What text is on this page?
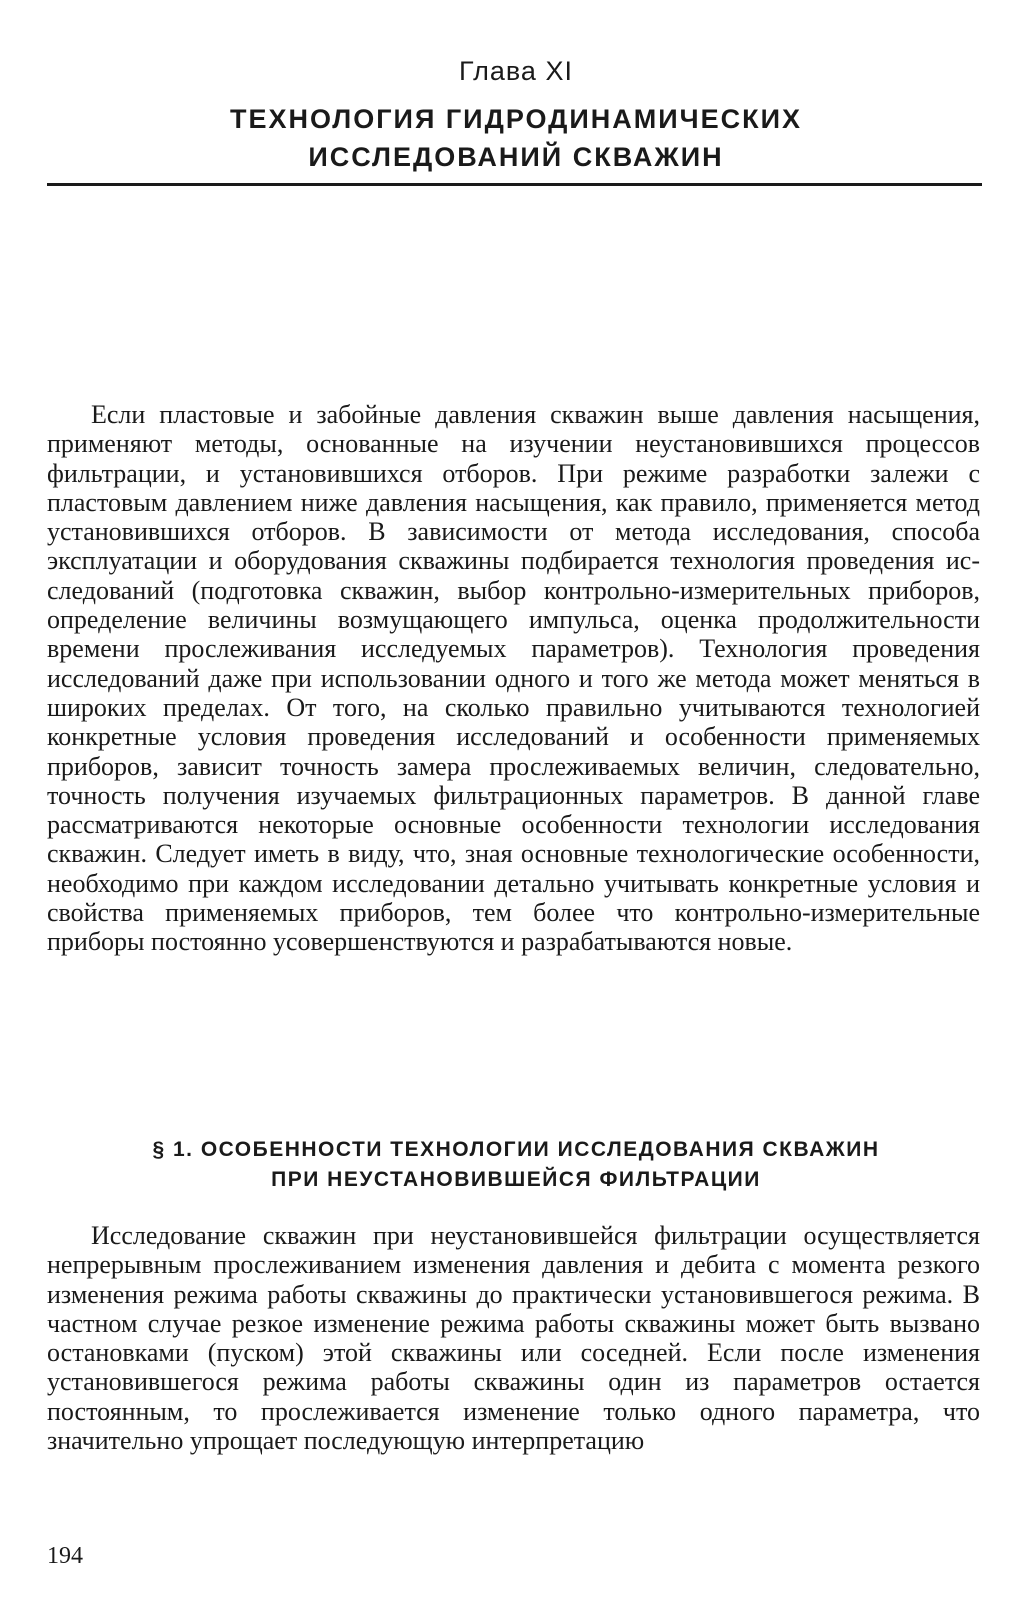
Глава XI
ТЕХНОЛОГИЯ ГИДРОДИНАМИЧЕСКИХ
ИССЛЕДОВАНИЙ СКВАЖИН

Если пластовые и забойные давления скважин выше давления насыщения, применяют методы, основанные на изучении неустановившихся процессов фильтрации, и установившихся отборов. При режиме разработки залежи с пластовым давлением ниже давления насыщения, как правило, применяется метод установившихся отборов. В зависимости от метода исследования, способа эксплуатации и оборудования скважины подбирается технология проведения исследований (подготовка скважин, выбор контрольно-измерительных приборов, определение величины возмущающего импульса, оценка продолжительности времени прослеживания исследуемых параметров). Технология проведения исследований даже при использовании одного и того же метода может меняться в широких пределах. От того, на сколько правильно учитываются технологией конкретные условия проведения исследований и особенности применяемых приборов, зависит точность замера прослеживаемых величин, следовательно, точность получения изучаемых фильтрационных параметров. В данной главе рассматриваются некоторые основные особенности технологии исследования скважин. Следует иметь в виду, что, зная основные технологические особенности, необходимо при каждом исследовании детально учитывать конкретные условия и свойства применяемых приборов, тем более что контрольно-измерительные приборы постоянно усовершенствуются и разрабатываются новые.

§ 1. ОСОБЕННОСТИ ТЕХНОЛОГИИ ИССЛЕДОВАНИЯ СКВАЖИН
ПРИ НЕУСТАНОВИВШЕЙСЯ ФИЛЬТРАЦИИ

Исследование скважин при неустановившейся фильтрации осуществляется непрерывным прослеживанием изменения давления и дебита с момента резкого изменения режима работы скважины до практически установившегося режима. В частном случае резкое изменение режима работы скважины может быть вызвано остановками (пуском) этой скважины или соседней. Если после изменения установившегося режима работы скважины один из параметров остается постоянным, то прослеживается изменение только одного параметра, что значительно упрощает последующую интерпретацию

194
